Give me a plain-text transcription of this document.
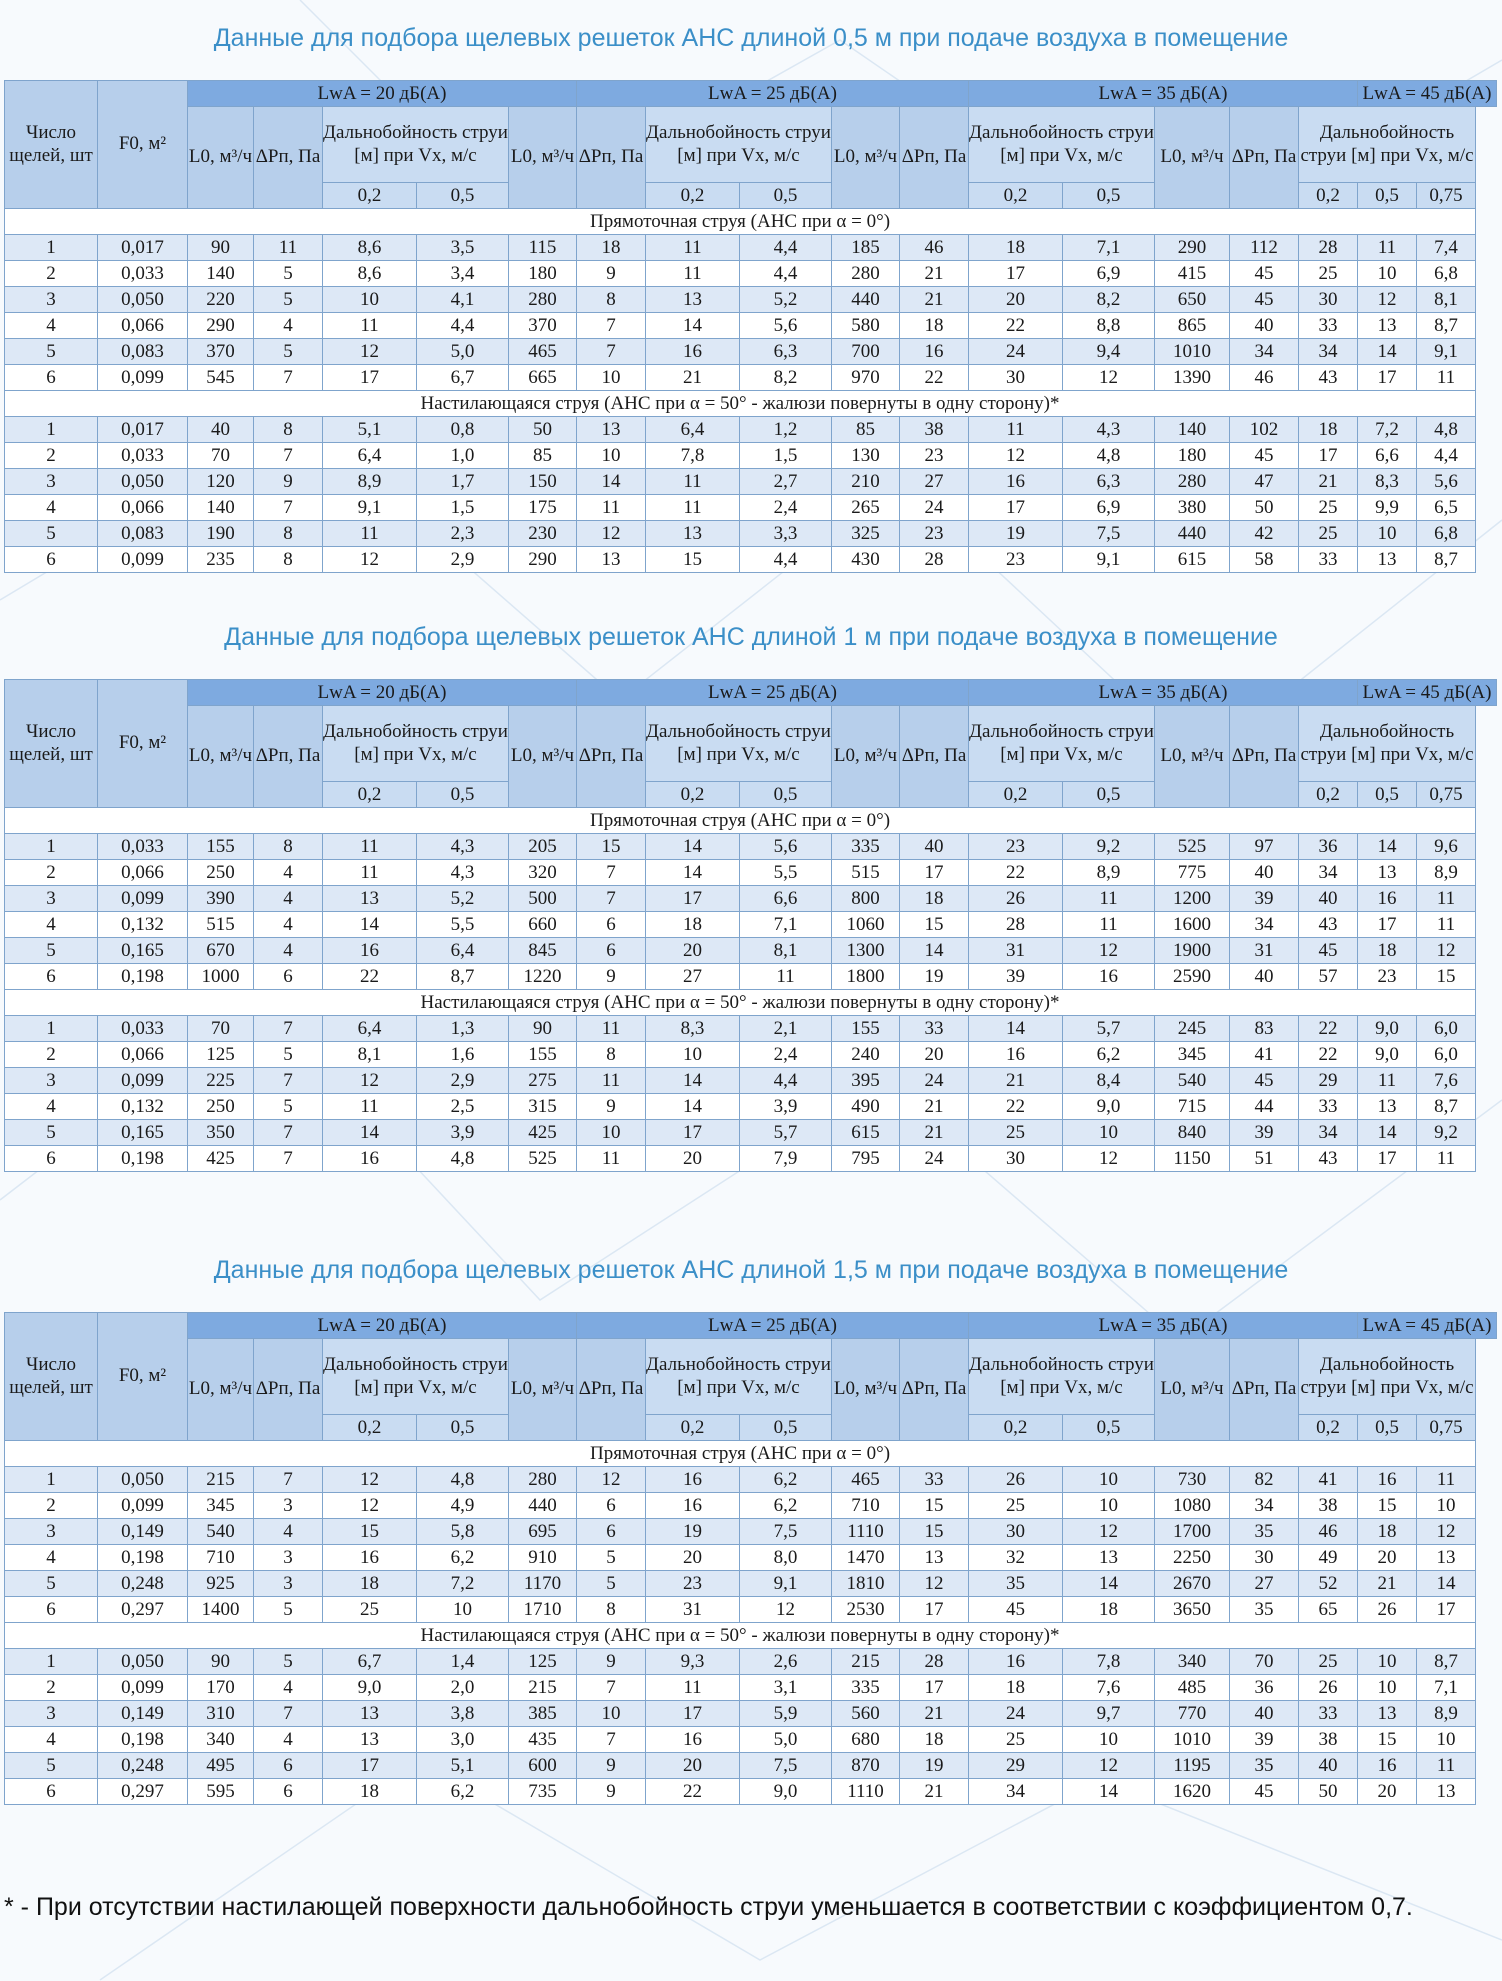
Данные для подбора щелевых решеток АНС длиной 0,5 м при подаче воздуха в помещение
Число щелей, шт	F0, м²	LwA = 20 дБ(А)					LwA = 25 дБ(А)					LwA = 35 дБ(А)					LwA = 45 дБ(А)	
		L0, м³/ч	ΔPп, Па	Дальнобойность струи [м] при Vx, м/с		L0, м³/ч	ΔPп, Па	Дальнобойность струи [м] при Vx, м/с		L0, м³/ч	ΔPп, Па	Дальнобойность струи [м] при Vx, м/с		L0, м³/ч	ΔPп, Па	Дальнобойность струи [м] при Vx, м/с		
				0,2	0,5			0,2	0,5			0,2	0,5			0,2	0,5	0,75
Прямоточная струя (АНС при α = 0°)																		
1	0,017	90	11	8,6	3,5	115	18	11	4,4	185	46	18	7,1	290	112	28	11	7,4
2	0,033	140	5	8,6	3,4	180	9	11	4,4	280	21	17	6,9	415	45	25	10	6,8
3	0,050	220	5	10	4,1	280	8	13	5,2	440	21	20	8,2	650	45	30	12	8,1
4	0,066	290	4	11	4,4	370	7	14	5,6	580	18	22	8,8	865	40	33	13	8,7
5	0,083	370	5	12	5,0	465	7	16	6,3	700	16	24	9,4	1010	34	34	14	9,1
6	0,099	545	7	17	6,7	665	10	21	8,2	970	22	30	12	1390	46	43	17	11
Настилающаяся струя (АНС при α = 50° - жалюзи повернуты в одну сторону)*																		
1	0,017	40	8	5,1	0,8	50	13	6,4	1,2	85	38	11	4,3	140	102	18	7,2	4,8
2	0,033	70	7	6,4	1,0	85	10	7,8	1,5	130	23	12	4,8	180	45	17	6,6	4,4
3	0,050	120	9	8,9	1,7	150	14	11	2,7	210	27	16	6,3	280	47	21	8,3	5,6
4	0,066	140	7	9,1	1,5	175	11	11	2,4	265	24	17	6,9	380	50	25	9,9	6,5
5	0,083	190	8	11	2,3	230	12	13	3,3	325	23	19	7,5	440	42	25	10	6,8
6	0,099	235	8	12	2,9	290	13	15	4,4	430	28	23	9,1	615	58	33	13	8,7
Данные для подбора щелевых решеток АНС длиной 1 м при подаче воздуха в помещение
Число щелей, шт	F0, м²	LwA = 20 дБ(А)					LwA = 25 дБ(А)					LwA = 35 дБ(А)					LwA = 45 дБ(А)	
		L0, м³/ч	ΔPп, Па	Дальнобойность струи [м] при Vx, м/с		L0, м³/ч	ΔPп, Па	Дальнобойность струи [м] при Vx, м/с		L0, м³/ч	ΔPп, Па	Дальнобойность струи [м] при Vx, м/с		L0, м³/ч	ΔPп, Па	Дальнобойность струи [м] при Vx, м/с		
				0,2	0,5			0,2	0,5			0,2	0,5			0,2	0,5	0,75
Прямоточная струя (АНС при α = 0°)																		
1	0,033	155	8	11	4,3	205	15	14	5,6	335	40	23	9,2	525	97	36	14	9,6
2	0,066	250	4	11	4,3	320	7	14	5,5	515	17	22	8,9	775	40	34	13	8,9
3	0,099	390	4	13	5,2	500	7	17	6,6	800	18	26	11	1200	39	40	16	11
4	0,132	515	4	14	5,5	660	6	18	7,1	1060	15	28	11	1600	34	43	17	11
5	0,165	670	4	16	6,4	845	6	20	8,1	1300	14	31	12	1900	31	45	18	12
6	0,198	1000	6	22	8,7	1220	9	27	11	1800	19	39	16	2590	40	57	23	15
Настилающаяся струя (АНС при α = 50° - жалюзи повернуты в одну сторону)*																		
1	0,033	70	7	6,4	1,3	90	11	8,3	2,1	155	33	14	5,7	245	83	22	9,0	6,0
2	0,066	125	5	8,1	1,6	155	8	10	2,4	240	20	16	6,2	345	41	22	9,0	6,0
3	0,099	225	7	12	2,9	275	11	14	4,4	395	24	21	8,4	540	45	29	11	7,6
4	0,132	250	5	11	2,5	315	9	14	3,9	490	21	22	9,0	715	44	33	13	8,7
5	0,165	350	7	14	3,9	425	10	17	5,7	615	21	25	10	840	39	34	14	9,2
6	0,198	425	7	16	4,8	525	11	20	7,9	795	24	30	12	1150	51	43	17	11
Данные для подбора щелевых решеток АНС длиной 1,5 м при подаче воздуха в помещение
Число щелей, шт	F0, м²	LwA = 20 дБ(А)					LwA = 25 дБ(А)					LwA = 35 дБ(А)					LwA = 45 дБ(А)	
		L0, м³/ч	ΔPп, Па	Дальнобойность струи [м] при Vx, м/с		L0, м³/ч	ΔPп, Па	Дальнобойность струи [м] при Vx, м/с		L0, м³/ч	ΔPп, Па	Дальнобойность струи [м] при Vx, м/с		L0, м³/ч	ΔPп, Па	Дальнобойность струи [м] при Vx, м/с		
				0,2	0,5			0,2	0,5			0,2	0,5			0,2	0,5	0,75
Прямоточная струя (АНС при α = 0°)																		
1	0,050	215	7	12	4,8	280	12	16	6,2	465	33	26	10	730	82	41	16	11
2	0,099	345	3	12	4,9	440	6	16	6,2	710	15	25	10	1080	34	38	15	10
3	0,149	540	4	15	5,8	695	6	19	7,5	1110	15	30	12	1700	35	46	18	12
4	0,198	710	3	16	6,2	910	5	20	8,0	1470	13	32	13	2250	30	49	20	13
5	0,248	925	3	18	7,2	1170	5	23	9,1	1810	12	35	14	2670	27	52	21	14
6	0,297	1400	5	25	10	1710	8	31	12	2530	17	45	18	3650	35	65	26	17
Настилающаяся струя (АНС при α = 50° - жалюзи повернуты в одну сторону)*																		
1	0,050	90	5	6,7	1,4	125	9	9,3	2,6	215	28	16	7,8	340	70	25	10	8,7
2	0,099	170	4	9,0	2,0	215	7	11	3,1	335	17	18	7,6	485	36	26	10	7,1
3	0,149	310	7	13	3,8	385	10	17	5,9	560	21	24	9,7	770	40	33	13	8,9
4	0,198	340	4	13	3,0	435	7	16	5,0	680	18	25	10	1010	39	38	15	10
5	0,248	495	6	17	5,1	600	9	20	7,5	870	19	29	12	1195	35	40	16	11
6	0,297	595	6	18	6,2	735	9	22	9,0	1110	21	34	14	1620	45	50	20	13
* - При отсутствии настилающей поверхности дальнобойность струи уменьшается в соответствии с коэффициентом 0,7.
